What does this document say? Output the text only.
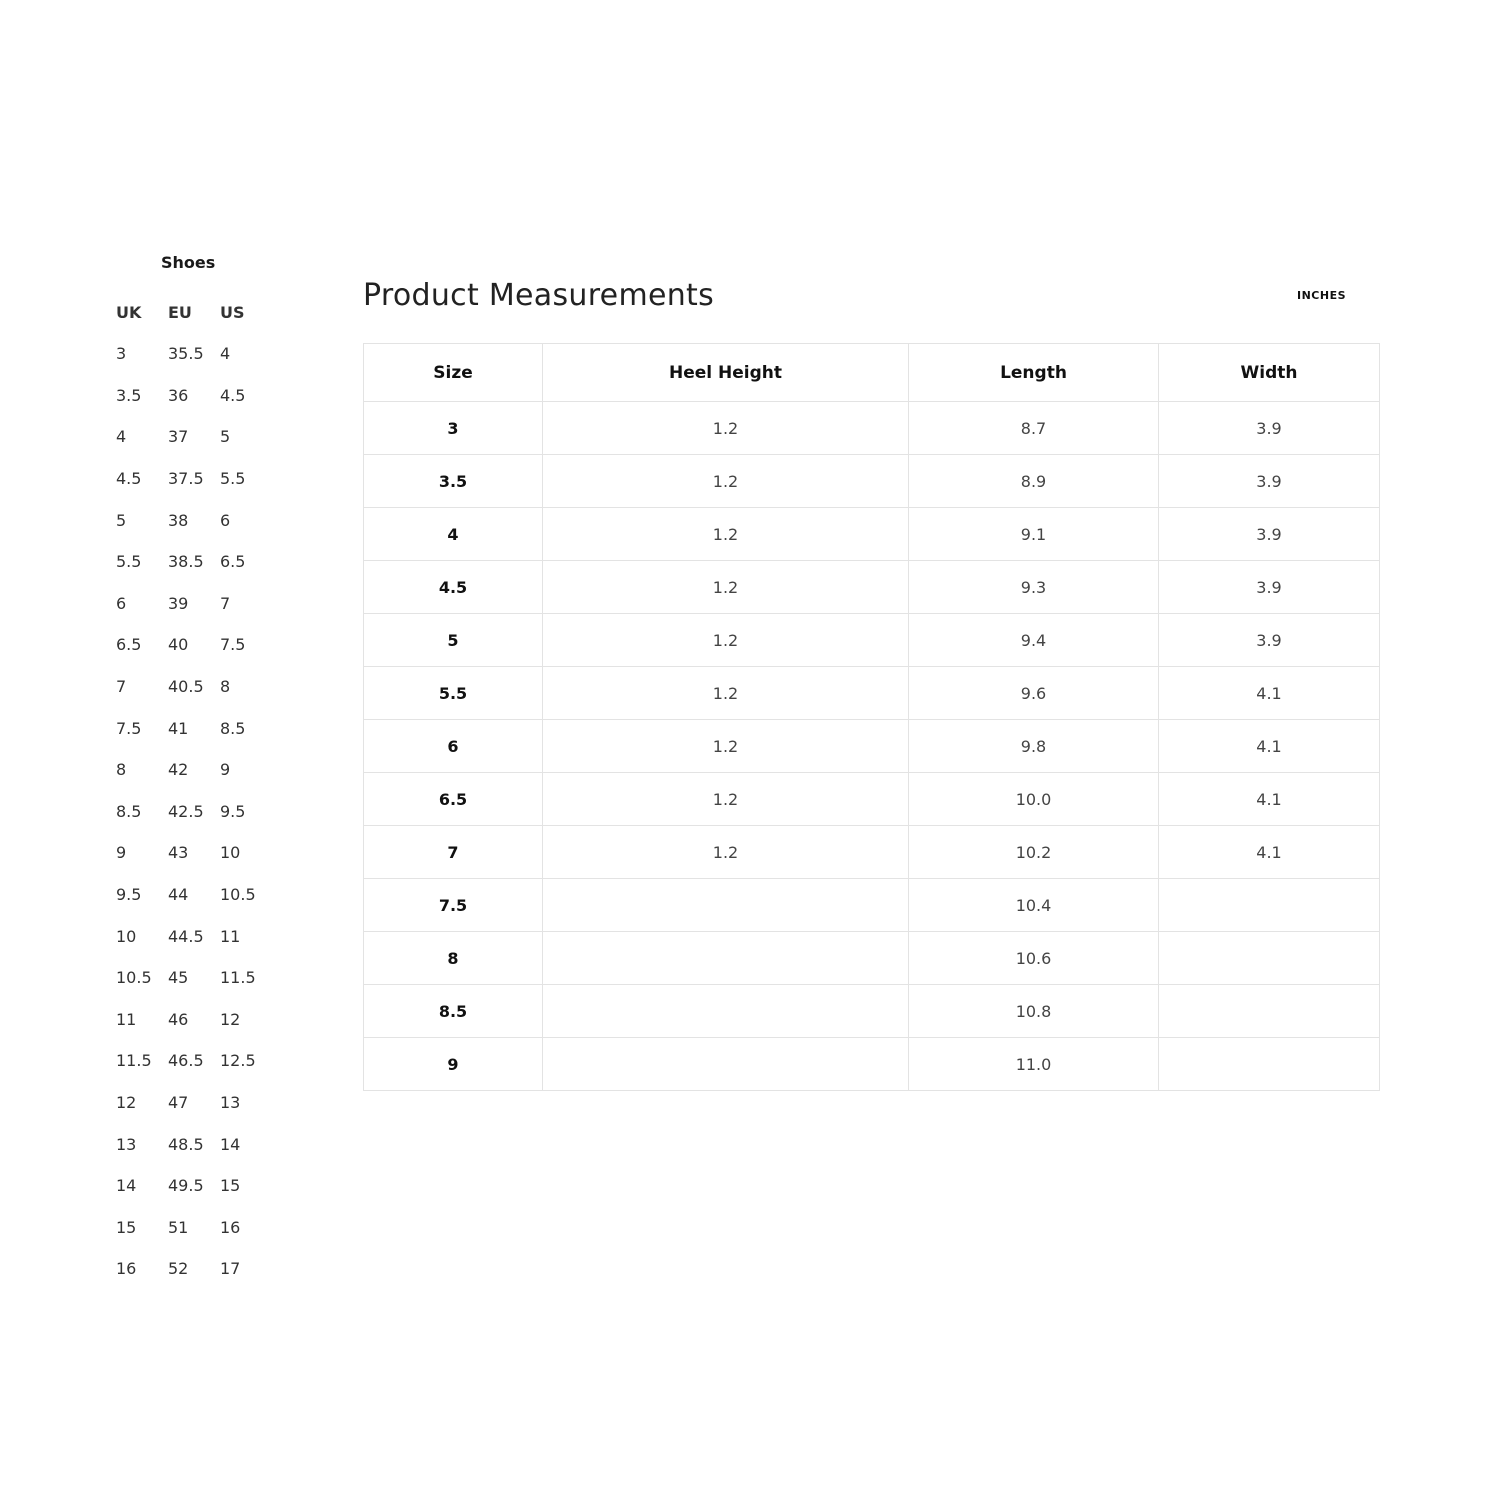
Shoes

UK	EU	US
3	35.5	4
3.5	36	4.5
4	37	5
4.5	37.5	5.5
5	38	6
5.5	38.5	6.5
6	39	7
6.5	40	7.5
7	40.5	8
7.5	41	8.5
8	42	9
8.5	42.5	9.5
9	43	10
9.5	44	10.5
10	44.5	11
10.5	45	11.5
11	46	12
11.5	46.5	12.5
12	47	13
13	48.5	14
14	49.5	15
15	51	16
16	52	17
Product Measurements	INCHES
Size	Heel Height	Length	Width
3	1.2	8.7	3.9
3.5	1.2	8.9	3.9
4	1.2	9.1	3.9
4.5	1.2	9.3	3.9
5	1.2	9.4	3.9
5.5	1.2	9.6	4.1
6	1.2	9.8	4.1
6.5	1.2	10.0	4.1
7	1.2	10.2	4.1
7.5		10.4	
8		10.6	
8.5		10.8	
9		11.0	
